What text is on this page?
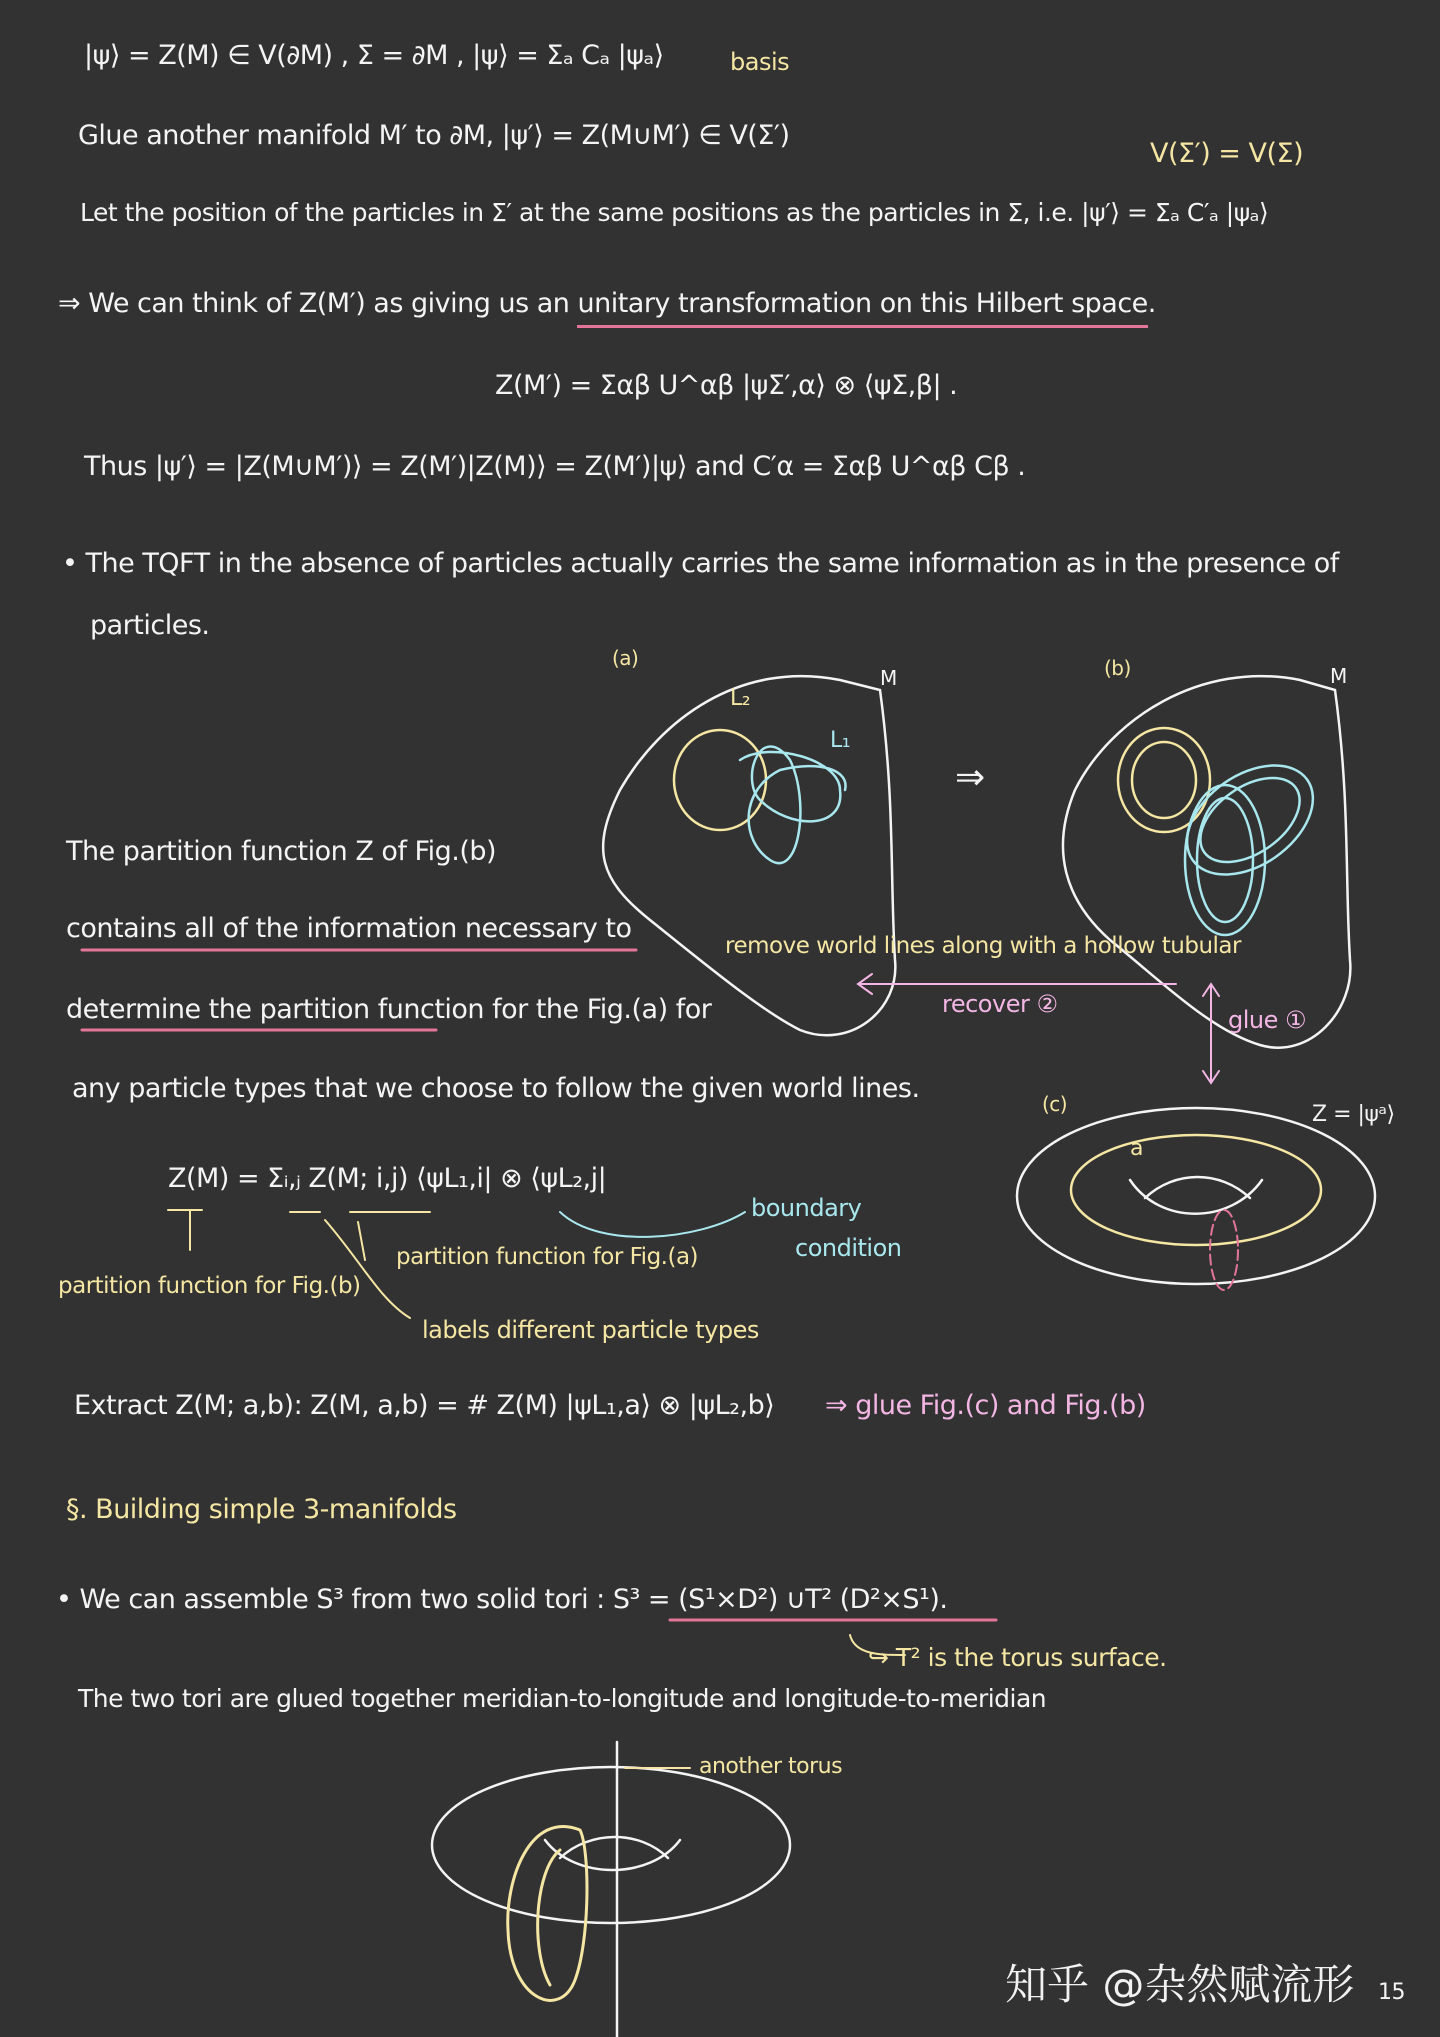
|ψ⟩ = Z(M) ∈ V(∂M) , Σ = ∂M , |ψ⟩ = Σₐ Cₐ |ψₐ⟩	basis
Glue another manifold M′ to ∂M, |ψ′⟩ = Z(M∪M′) ∈ V(Σ′)
V(Σ′) = V(Σ)
Let the position of the particles in Σ′ at the same positions as the particles in Σ, i.e. |ψ′⟩ = Σₐ C′ₐ |ψₐ⟩
⇒ We can think of Z(M′) as giving us an unitary transformation on this Hilbert space.
Z(M′) = Σαβ U^αβ |ψΣ′,α⟩ ⊗ ⟨ψΣ,β| .
Thus |ψ′⟩ = |Z(M∪M′)⟩ = Z(M′)|Z(M)⟩ = Z(M′)|ψ⟩ and C′α = Σαβ U^αβ Cβ .
• The TQFT in the absence of particles actually carries the same information as in the presence of
particles.
(a)
M
L₂
L₁
⇒
(b)	M
remove world lines along with a hollow tubular
recover ②
glue ①
(c)	Z = |ψᵃ⟩
a
The partition function Z of Fig.(b)
contains all of the information necessary to
determine the partition function for the Fig.(a) for
any particle types that we choose to follow the given world lines.
Z(M) = Σᵢ,ⱼ Z(M; i,j) ⟨ψL₁,i| ⊗ ⟨ψL₂,j|
partition function for Fig.(b)
partition function for Fig.(a)
labels different particle types
boundary
condition
Extract Z(M; a,b): Z(M, a,b) = # Z(M) |ψL₁,a⟩ ⊗ |ψL₂,b⟩ ⇒ glue Fig.(c) and Fig.(b)
§. Building simple 3-manifolds
• We can assemble S³ from two solid tori : S³ = (S¹×D²) ∪T² (D²×S¹).
↪ T² is the torus surface.
The two tori are glued together meridian-to-longitude and longitude-to-meridian
another torus
知乎 @杂然赋流形 15
